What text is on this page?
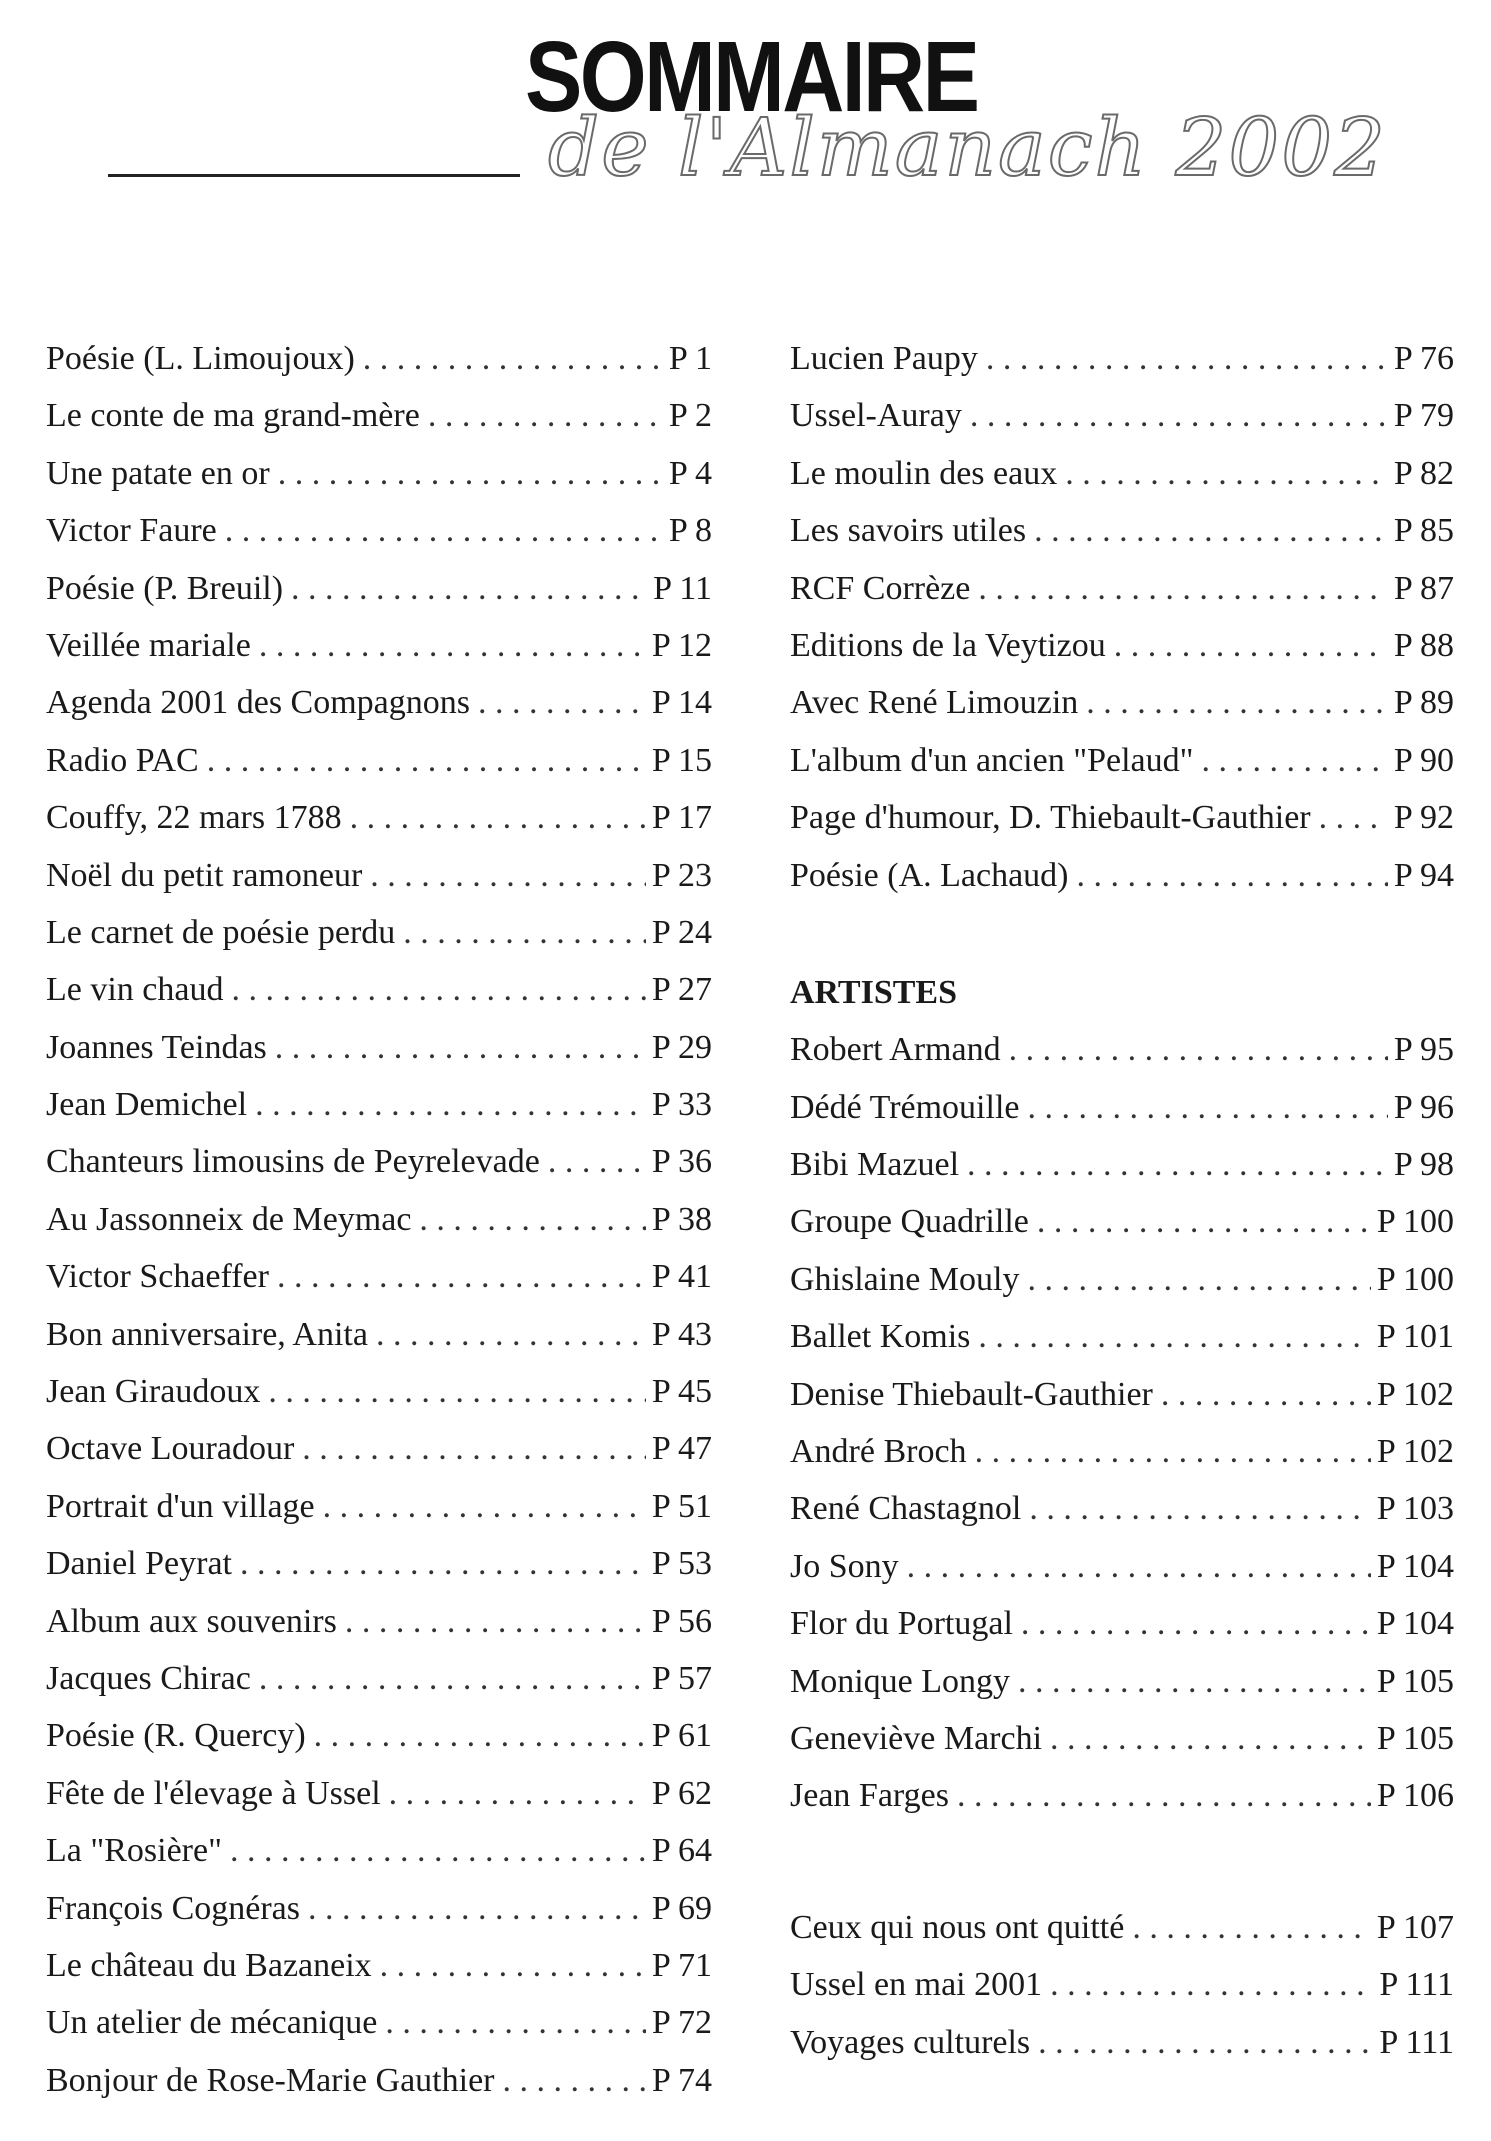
SOMMAIRE
de l'Almanach 2002
Poésie (L. Limoujoux) . . .	P 1
Le conte de ma grand-mère . . .	P 2
Une patate en or . . .	P 4
Victor Faure . . .	P 8
Poésie (P. Breuil) . . .	P 11
Veillée mariale . . .	P 12
Agenda 2001 des Compagnons . . .	P 14
Radio PAC . . .	P 15
Couffy, 22 mars 1788 . . .	P 17
Noël du petit ramoneur . . .	P 23
Le carnet de poésie perdu . . .	P 24
Le vin chaud . . .	P 27
Joannes Teindas . . .	P 29
Jean Demichel . . .	P 33
Chanteurs limousins de Peyrelevade . . .	P 36
Au Jassonneix de Meymac . . .	P 38
Victor Schaeffer . . .	P 41
Bon anniversaire, Anita . . .	P 43
Jean Giraudoux . . .	P 45
Octave Louradour . . .	P 47
Portrait d'un village . . .	P 51
Daniel Peyrat . . .	P 53
Album aux souvenirs . . .	P 56
Jacques Chirac . . .	P 57
Poésie (R. Quercy) . . .	P 61
Fête de l'élevage à Ussel . . .	P 62
La "Rosière" . . .	P 64
François Cognéras . . .	P 69
Le château du Bazaneix . . .	P 71
Un atelier de mécanique . . .	P 72
Bonjour de Rose-Marie Gauthier . . .	P 74
Lucien Paupy . . .	P 76
Ussel-Auray . . .	P 79
Le moulin des eaux . . .	P 82
Les savoirs utiles . . .	P 85
RCF Corrèze . . .	P 87
Editions de la Veytizou . . .	P 88
Avec René Limouzin . . .	P 89
L'album d'un ancien "Pelaud" . . .	P 90
Page d'humour, D. Thiebault-Gauthier . . . P 92
Poésie (A. Lachaud) . . .	P 94
ARTISTES
Robert Armand . . .	P 95
Dédé Trémouille . . .	P 96
Bibi Mazuel . . .	P 98
Groupe Quadrille . . .	P 100
Ghislaine Mouly . . .	P 100
Ballet Komis . . .	P 101
Denise Thiebault-Gauthier . . .	P 102
André Broch . . .	P 102
René Chastagnol . . .	P 103
Jo Sony . . .	P 104
Flor du Portugal . . .	P 104
Monique Longy . . .	P 105
Geneviève Marchi . . .	P 105
Jean Farges . . .	P 106
Ceux qui nous ont quitté . . .	P 107
Ussel en mai 2001 . . .	P 111
Voyages culturels . . .	P 111
